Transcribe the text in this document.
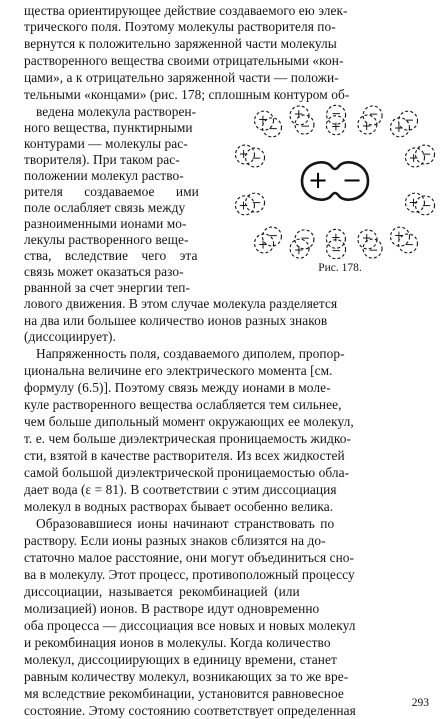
щества ориентирующее действие создаваемого ею элек-
трического поля. Поэтому молекулы растворителя по-
вернутся к положительно заряженной части молекулы
растворенного вещества своими отрицательными «кон-
цами», а к отрицательно заряженной части — положи-
тельными «концами» (рис. 178; сплошным контуром об-
ведена молекула растворен-
ного вещества, пунктирными
контурами — молекулы рас-
творителя). При таком рас-
положении молекул раство-
рителя создаваемое ими
поле ослабляет связь между
разноименными ионами мо-
лекулы растворенного веще-
ства, вследствие чего эта
связь может оказаться разо-
рванной за счет энергии теп-
лового движения. В этом случае молекула разделяется
на два или большее количество ионов разных знаков
(диссоциирует).
Напряженность поля, создаваемого диполем, пропор-
циональна величине его электрического момента [см.
формулу (6.5)]. Поэтому связь между ионами в моле-
куле растворенного вещества ослабляется тем сильнее,
чем больше дипольный момент окружающих ее молекул,
т. е. чем больше диэлектрическая проницаемость жидко-
сти, взятой в качестве растворителя. Из всех жидкостей
самой большой диэлектрической проницаемостью обла-
дает вода (ε = 81). В соответствии с этим диссоциация
молекул в водных растворах бывает особенно велика.
Образовавшиеся ионы начинают странствовать по
раствору. Если ионы разных знаков сблизятся на до-
статочно малое расстояние, они могут объединиться сно-
ва в молекулу. Этот процесс, противоположный процессу
диссоциации, называется рекомбинацией (или
молизацией) ионов. В растворе идут одновременно
оба процесса — диссоциация все новых и новых молекул
и рекомбинация ионов в молекулы. Когда количество
молекул, диссоциирующих в единицу времени, станет
равным количеству молекул, возникающих за то же вре-
мя вследствие рекомбинации, установится равновесное
состояние. Этому состоянию соответствует определенная
−
+	−
+
+
−
+
−
+
−
−
+	+ −
−
+	+ −
−
+	−
+
+
−
+
−
+
−
+ −
Рис. 178.
293
